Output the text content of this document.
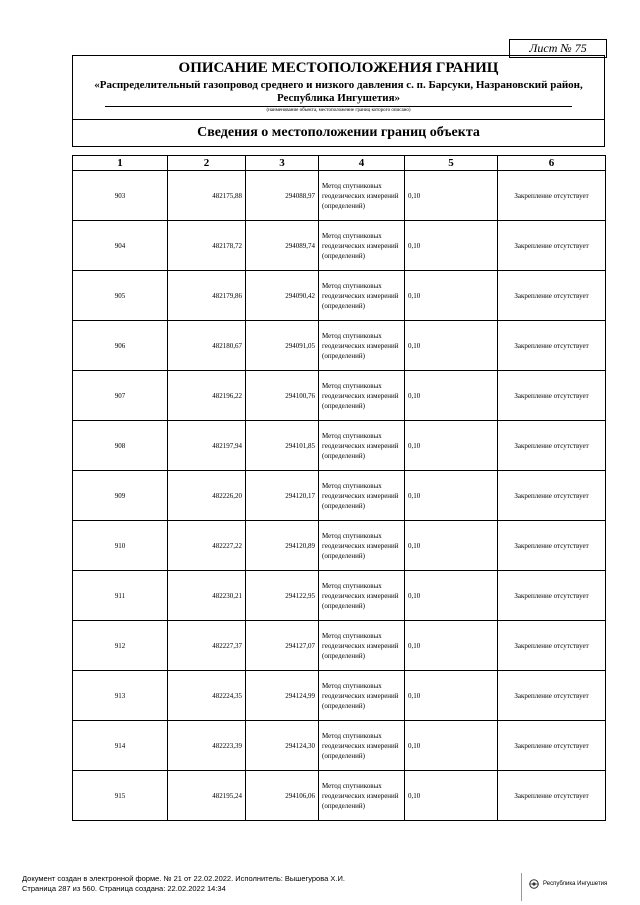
Лист № 75
ОПИСАНИЕ МЕСТОПОЛОЖЕНИЯ ГРАНИЦ
«Распределительный газопровод среднего и низкого давления с. п. Барсуки, Назрановский район, Республика Ингушетия»
(наименование объекта, местоположение границ которого описано)
Сведения о местоположении границ объекта
1	2	3	4	5	6
903	482175,88	294088,97	Метод спутниковых геодезических измерений (определений)	0,10	Закрепление отсутствует
904	482178,72	294089,74	Метод спутниковых геодезических измерений (определений)	0,10	Закрепление отсутствует
905	482179,86	294090,42	Метод спутниковых геодезических измерений (определений)	0,10	Закрепление отсутствует
906	482180,67	294091,05	Метод спутниковых геодезических измерений (определений)	0,10	Закрепление отсутствует
907	482196,22	294100,76	Метод спутниковых геодезических измерений (определений)	0,10	Закрепление отсутствует
908	482197,94	294101,85	Метод спутниковых геодезических измерений (определений)	0,10	Закрепление отсутствует
909	482226,20	294120,17	Метод спутниковых геодезических измерений (определений)	0,10	Закрепление отсутствует
910	482227,22	294120,89	Метод спутниковых геодезических измерений (определений)	0,10	Закрепление отсутствует
911	482230,21	294122,95	Метод спутниковых геодезических измерений (определений)	0,10	Закрепление отсутствует
912	482227,37	294127,07	Метод спутниковых геодезических измерений (определений)	0,10	Закрепление отсутствует
913	482224,35	294124,99	Метод спутниковых геодезических измерений (определений)	0,10	Закрепление отсутствует
914	482223,39	294124,30	Метод спутниковых геодезических измерений (определений)	0,10	Закрепление отсутствует
915	482195,24	294106,06	Метод спутниковых геодезических измерений (определений)	0,10	Закрепление отсутствует
Документ создан в электронной форме. № 21 от 22.02.2022. Исполнитель: Вышегурова Х.И.
Страница 287 из 560. Страница создана: 22.02.2022 14:34	Республика Ингушетия
